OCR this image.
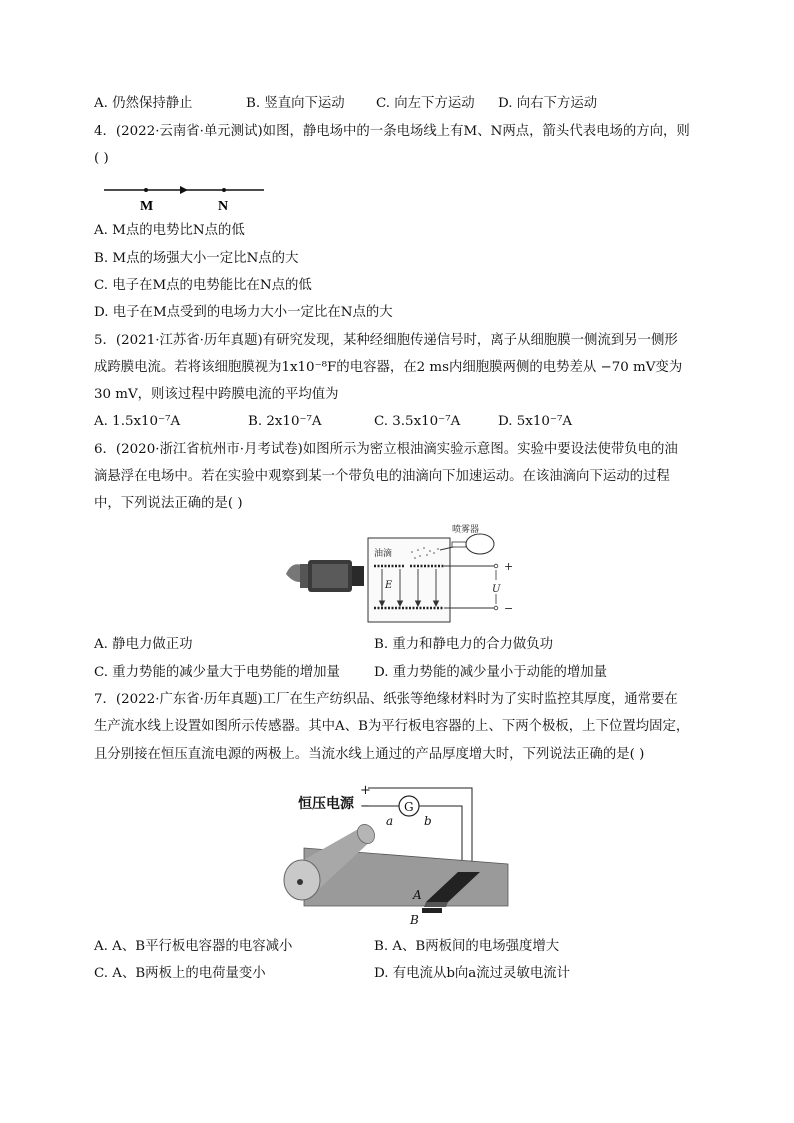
A. 仍然保持静止	B. 竖直向下运动 C. 向左下方运动 D. 向右下方运动
4．(2022·云南省·单元测试)如图，静电场中的一条电场线上有M、N两点，箭头代表电场的方向，则
( )
M	N
A. M点的电势比N点的低
B. M点的场强大小一定比N点的大
C. 电子在M点的电势能比在N点的低
D. 电子在M点受到的电场力大小一定比在N点的大
5．(2021·江苏省·历年真题)有研究发现，某种经细胞传递信号时，离子从细胞膜一侧流到另一侧形
成跨膜电流。若将该细胞膜视为1x10⁻⁸F的电容器，在2 ms内细胞膜两侧的电势差从 −70 mV变为
30 mV，则该过程中跨膜电流的平均值为
A. 1.5x10⁻⁷A	B. 2x10⁻⁷A	C. 3.5x10⁻⁷A	D. 5x10⁻⁷A
6．(2020·浙江省杭州市·月考试卷)如图所示为密立根油滴实验示意图。实验中要设法使带负电的油
滴悬浮在电场中。若在实验中观察到某一个带负电的油滴向下加速运动。在该油滴向下运动的过程
中，下列说法正确的是( )
油滴
E
喷雾器
U
+
−
A. 静电力做正功	B. 重力和静电力的合力做负功
C. 重力势能的减少量大于电势能的增加量	D. 重力势能的减少量小于动能的增加量
7．(2022·广东省·历年真题)工厂在生产纺织品、纸张等绝缘材料时为了实时监控其厚度，通常要在
生产流水线上设置如图所示传感器。其中A、B为平行板电容器的上、下两个极板，上下位置均固定，
且分别接在恒压直流电源的两极上。当流水线上通过的产品厚度增大时，下列说法正确的是( )
恒压电源
+
−	G
a	b
A
B
A. A、B平行板电容器的电容减小	B. A、B两板间的电场强度增大
C. A、B两板上的电荷量变小	D. 有电流从b向a流过灵敏电流计
